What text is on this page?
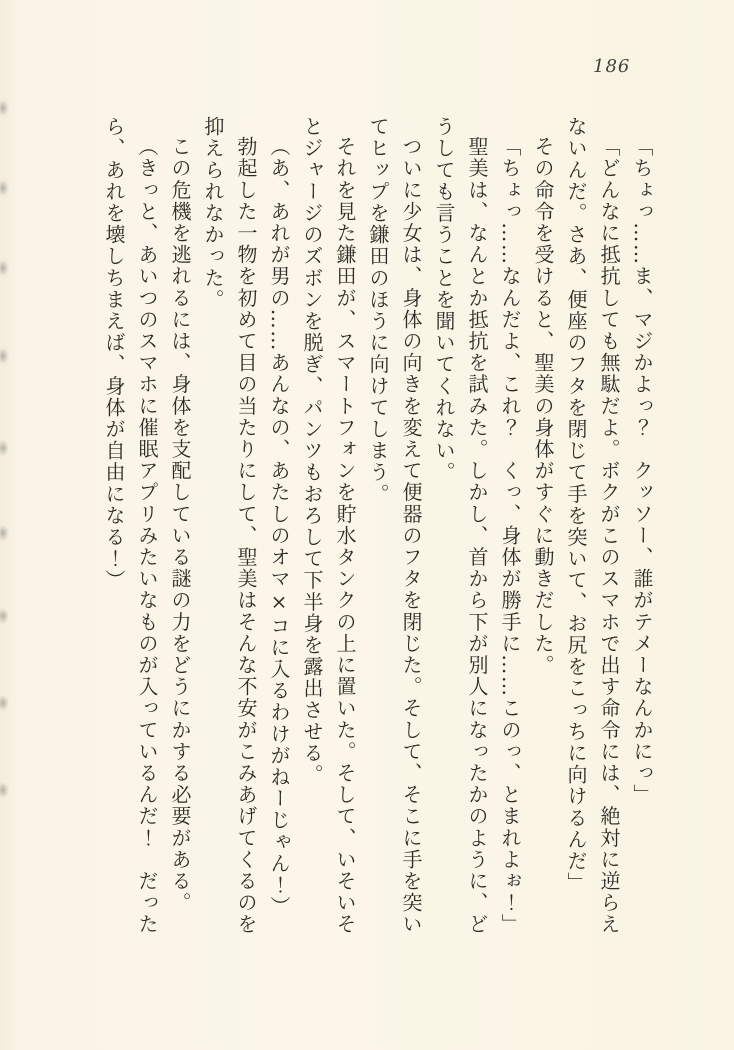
186

「ちょっ……ま、マジかよっ？　クッソー、誰がテメーなんかにっ」

「どんなに抵抗しても無駄だよ。ボクがこのスマホで出す命令には、絶対に逆らえないんだ。さあ、便座のフタを閉じて手を突いて、お尻をこっちに向けるんだ」

その命令を受けると、聖美の身体がすぐに動きだした。

「ちょっ……なんだよ、これ？　くっ、身体が勝手に……このっ、とまれよぉ！」

聖美は、なんとか抵抗を試みた。しかし、首から下が別人になったかのように、どうしても言うことを聞いてくれない。

ついに少女は、身体の向きを変えて便器のフタを閉じた。そして、そこに手を突いてヒップを鎌田のほうに向けてしまう。

それを見た鎌田が、スマートフォンを貯水タンクの上に置いた。そして、いそいそとジャージのズボンを脱ぎ、パンツもおろして下半身を露出させる。

（あ、あれが男の……あんなの、あたしのオマ×コに入るわけがねーじゃん！）

勃起した一物を初めて目の当たりにして、聖美はそんな不安がこみあげてくるのを抑えられなかった。

この危機を逃れるには、身体を支配している謎の力をどうにかする必要がある。

（きっと、あいつのスマホに催眠アプリみたいなものが入っているんだ！　だったら、あれを壊しちまえば、身体が自由になる！）
